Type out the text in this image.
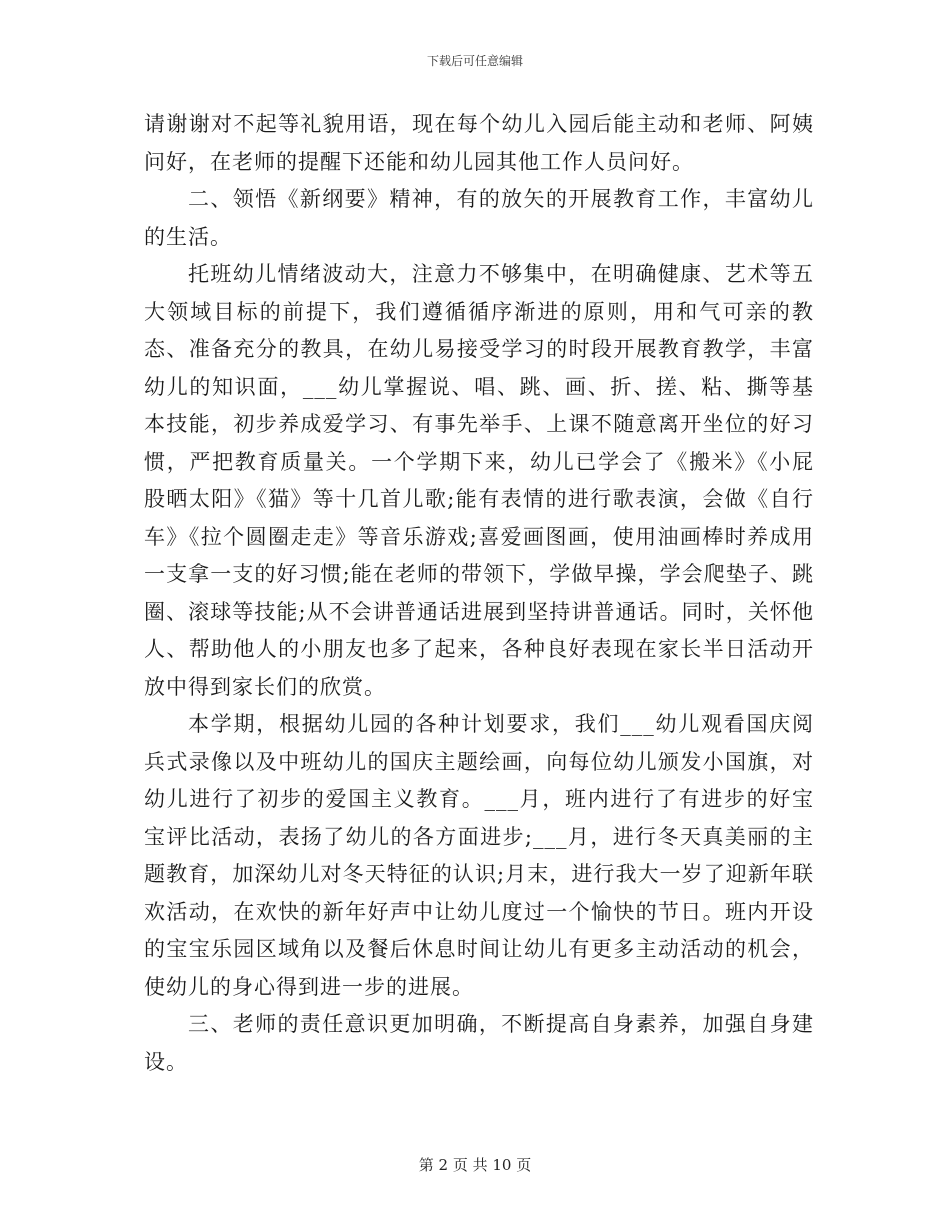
下载后可任意编辑

请谢谢对不起等礼貌用语，现在每个幼儿入园后能主动和老师、阿姨问好，在老师的提醒下还能和幼儿园其他工作人员问好。

二、领悟《新纲要》精神，有的放矢的开展教育工作，丰富幼儿的生活。

托班幼儿情绪波动大，注意力不够集中，在明确健康、艺术等五大领域目标的前提下，我们遵循循序渐进的原则，用和气可亲的教态、准备充分的教具，在幼儿易接受学习的时段开展教育教学，丰富幼儿的知识面，___幼儿掌握说、唱、跳、画、折、搓、粘、撕等基本技能，初步养成爱学习、有事先举手、上课不随意离开坐位的好习惯，严把教育质量关。一个学期下来，幼儿已学会了《搬米》《小屁股晒太阳》《猫》等十几首儿歌;能有表情的进行歌表演，会做《自行车》《拉个圆圈走走》等音乐游戏;喜爱画图画，使用油画棒时养成用一支拿一支的好习惯;能在老师的带领下，学做早操，学会爬垫子、跳圈、滚球等技能;从不会讲普通话进展到坚持讲普通话。同时，关怀他人、帮助他人的小朋友也多了起来，各种良好表现在家长半日活动开放中得到家长们的欣赏。

本学期，根据幼儿园的各种计划要求，我们___幼儿观看国庆阅兵式录像以及中班幼儿的国庆主题绘画，向每位幼儿颁发小国旗，对幼儿进行了初步的爱国主义教育。___月，班内进行了有进步的好宝宝评比活动，表扬了幼儿的各方面进步;___月，进行冬天真美丽的主题教育，加深幼儿对冬天特征的认识;月末，进行我大一岁了迎新年联欢活动，在欢快的新年好声中让幼儿度过一个愉快的节日。班内开设的宝宝乐园区域角以及餐后休息时间让幼儿有更多主动活动的机会，使幼儿的身心得到进一步的进展。

三、老师的责任意识更加明确，不断提高自身素养，加强自身建设。

第 2 页 共 10 页
